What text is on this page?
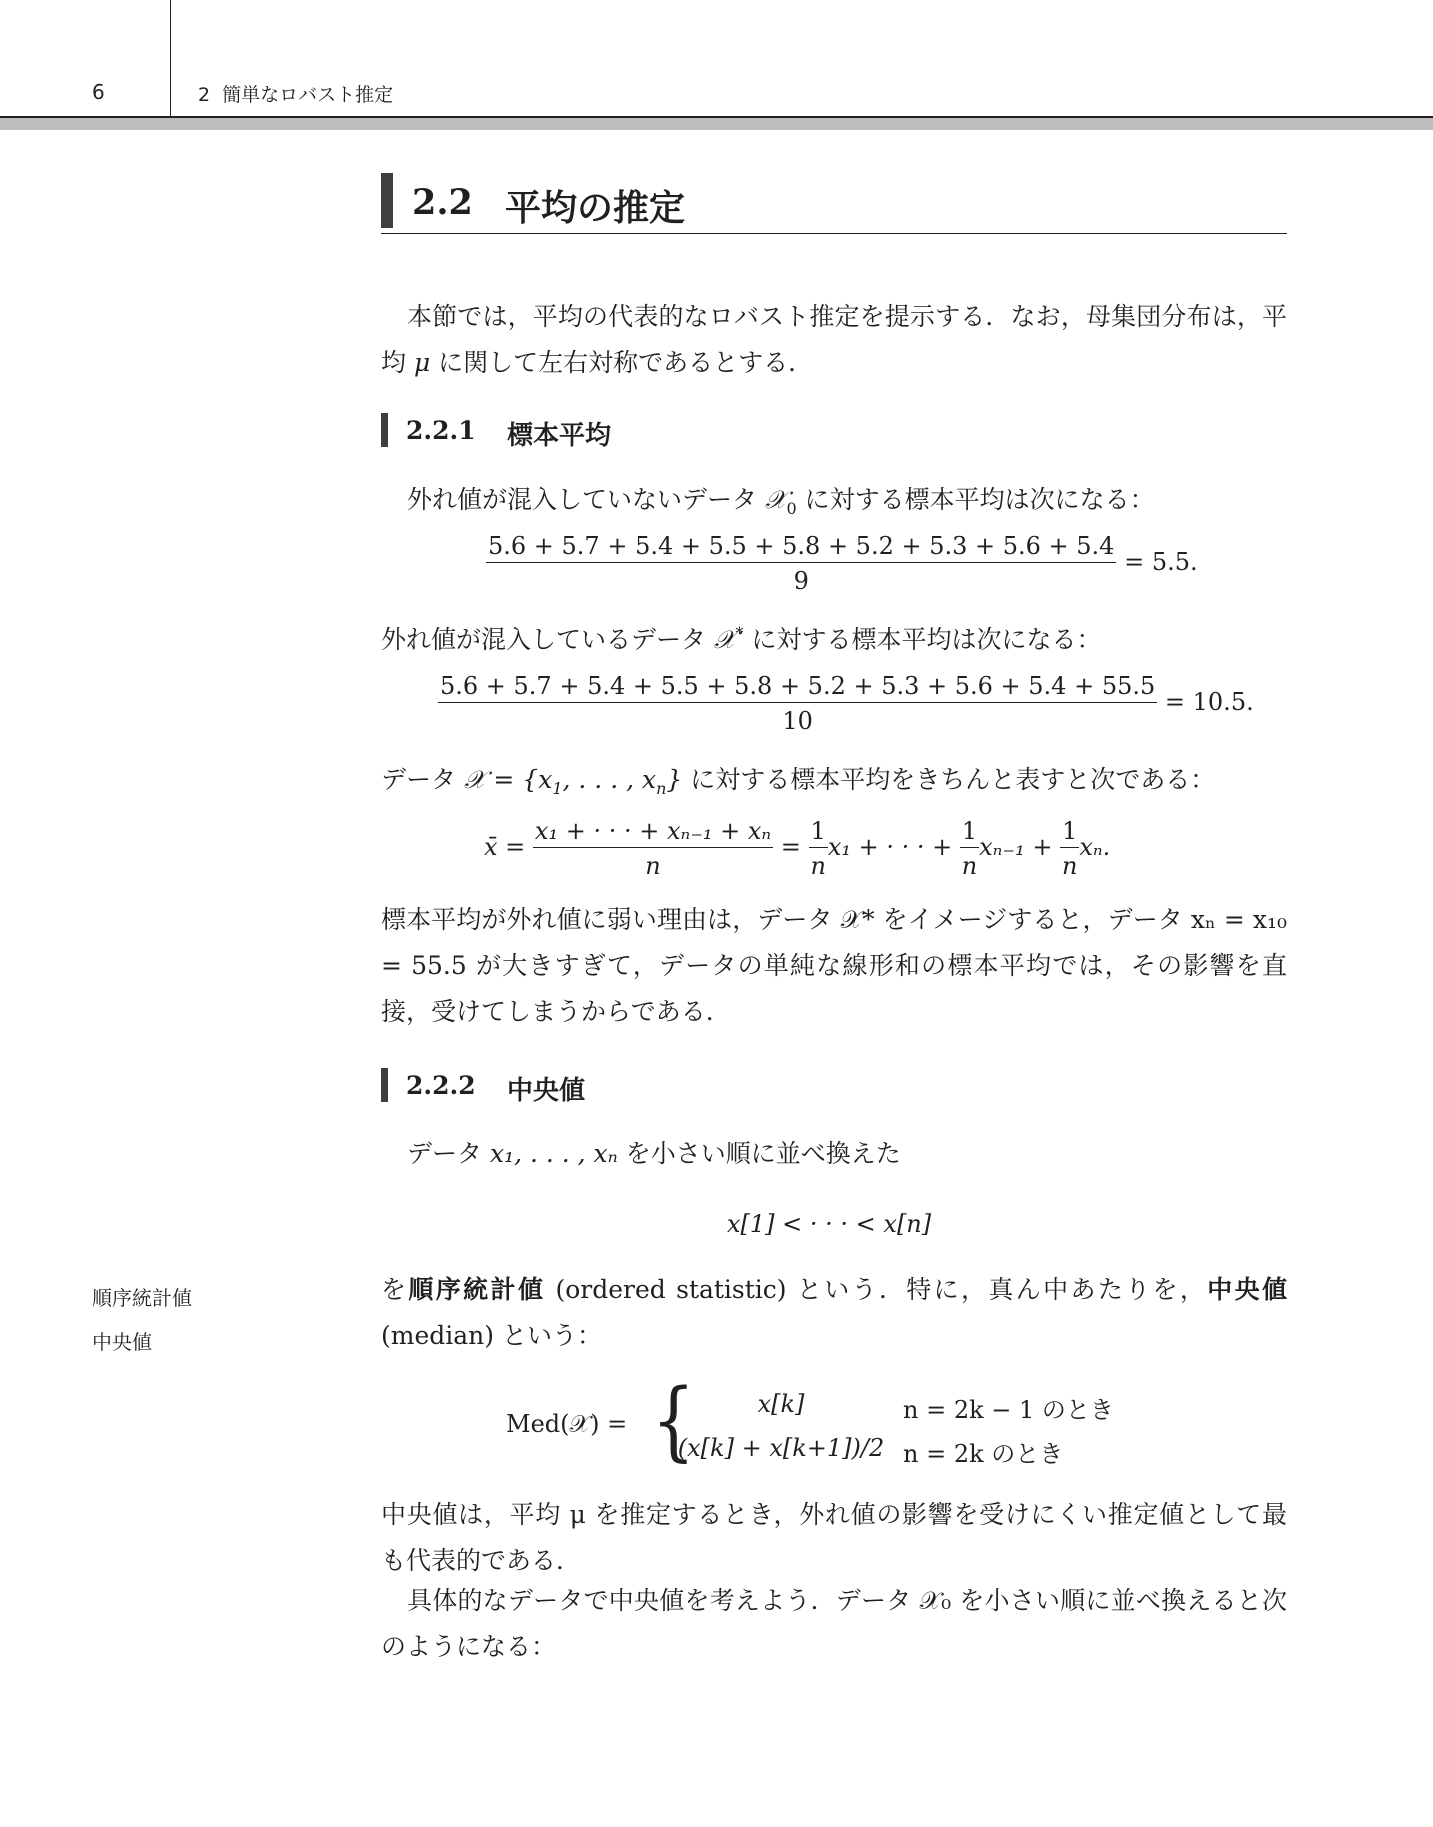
6	2 簡単なロバスト推定
2.2 平均の推定
本節では，平均の代表的なロバスト推定を提示する．なお，母集団分布は，平均 μ に関して左右対称であるとする．
2.2.1 標本平均
外れ値が混入していないデータ 𝒳$_0$ に対する標本平均は次になる：
$\frac{5.6 + 5.7 + 5.4 + 5.5 + 5.8 + 5.2 + 5.3 + 5.6 + 5.4}{9} = 5.5$.
外れ値が混入しているデータ 𝒳* に対する標本平均は次になる：
$\frac{5.6 + 5.7 + 5.4 + 5.5 + 5.8 + 5.2 + 5.3 + 5.6 + 5.4 + 55.5}{10} = 10.5$.
データ 𝒳 = {$x_1$, . . . , $x_n$} に対する標本平均をきちんと表すと次である：
x̄ = $\frac{\text{x₁ + · · · + xₙ₋₁ + xₙ}}{n} = \frac{1}{n} x_1$ + · · · + $\frac{1}{n} x_{n-1} + \frac{1}{n} x_n$.
標本平均が外れ値に弱い理由は，データ 𝒳* をイメージすると，データ xₙ = x₁₀ = 55.5 が大きすぎて，データの単純な線形和の標本平均では，その影響を直接，受けてしまうからである．
2.2.2 中央値
データ x₁, . . . , xₙ を小さい順に並べ換えた
x[1] < · · · < x[n]
順序統計値
中央値
を順序統計値 (ordered statistic) という．特に，真ん中あたりを，中央値 (median) という：
Med(𝒳) = {	x[k]	n = 2k − 1 のとき
(x[k] + x[k+1])/2 n = 2k のとき
中央値は，平均 μ を推定するとき，外れ値の影響を受けにくい推定値として最も代表的である．
具体的なデータで中央値を考えよう．データ 𝒳₀ を小さい順に並べ換えると次のようになる：
